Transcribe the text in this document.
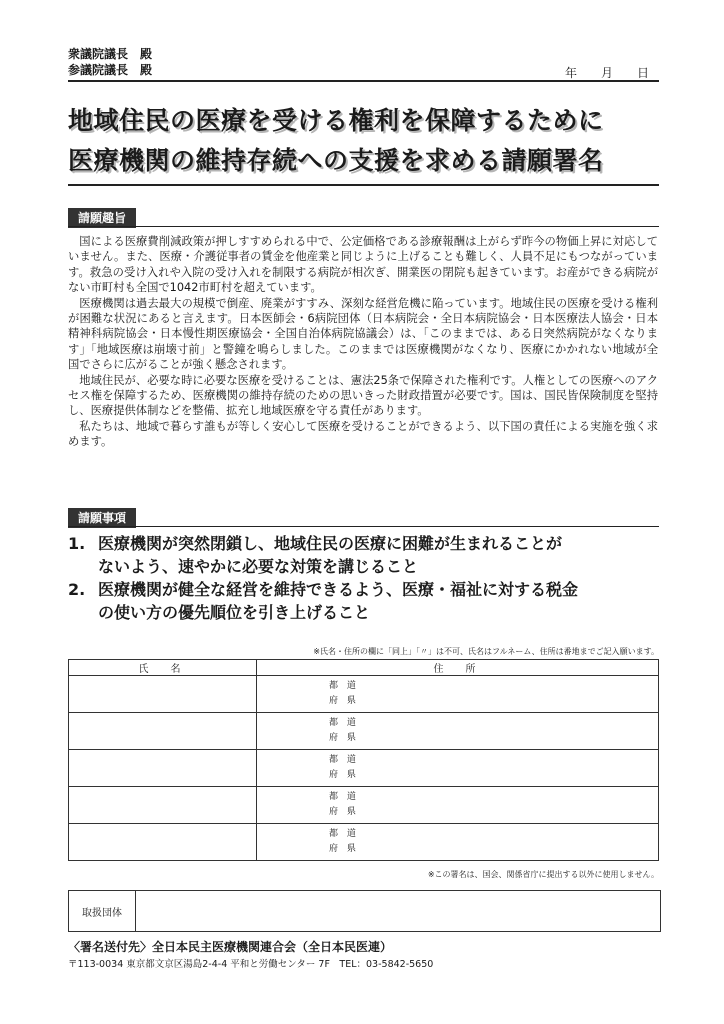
衆議院議長　殿
参議院議長　殿	年　　月　　日
地域住民の医療を受ける権利を保障するために
医療機関の維持存続への支援を求める請願署名
請願趣旨

国による医療費削減政策が押しすすめられる中で、公定価格である診療報酬は上がらず昨今の物価上昇に対応していません。また、医療・介護従事者の賃金を他産業と同じように上げることも難しく、人員不足にもつながっています。救急の受け入れや入院の受け入れを制限する病院が相次ぎ、開業医の閉院も起きています。お産ができる病院がない市町村も全国で1042市町村を超えています。

医療機関は過去最大の規模で倒産、廃業がすすみ、深刻な経営危機に陥っています。地域住民の医療を受ける権利が困難な状況にあると言えます。日本医師会・6病院団体（日本病院会・全日本病院協会・日本医療法人協会・日本精神科病院協会・日本慢性期医療協会・全国自治体病院協議会）は、「このままでは、ある日突然病院がなくなります」「地域医療は崩壊寸前」と警鐘を鳴らしました。このままでは医療機関がなくなり、医療にかかれない地域が全国でさらに広がることが強く懸念されます。

地域住民が、必要な時に必要な医療を受けることは、憲法25条で保障された権利です。人権としての医療へのアクセス権を保障するため、医療機関の維持存続のための思いきった財政措置が必要です。国は、国民皆保険制度を堅持し、医療提供体制などを整備、拡充し地域医療を守る責任があります。

私たちは、地域で暮らす誰もが等しく安心して医療を受けることができるよう、以下国の責任による実施を強く求めます。

請願事項
1. 医療機関が突然閉鎖し、地域住民の医療に困難が生まれることが
ないよう、速やかに必要な対策を講じること
2. 医療機関が健全な経営を維持できるよう、医療・福祉に対する税金
の使い方の優先順位を引き上げること
※氏名・住所の欄に「同上」「〃」は不可、氏名はフルネーム、住所は番地までご記入願います。
氏　名	住　所

	都 道
府 県

	都 道
府 県

	都 道
府 県

	都 道
府 県

	都 道
府 県
※この署名は、国会、関係省庁に提出する以外に使用しません。
取扱団体
〈署名送付先〉全日本民主医療機関連合会（全日本民医連）
〒113-0034 東京都文京区湯島2-4-4 平和と労働センター 7F　TEL：03-5842-5650
